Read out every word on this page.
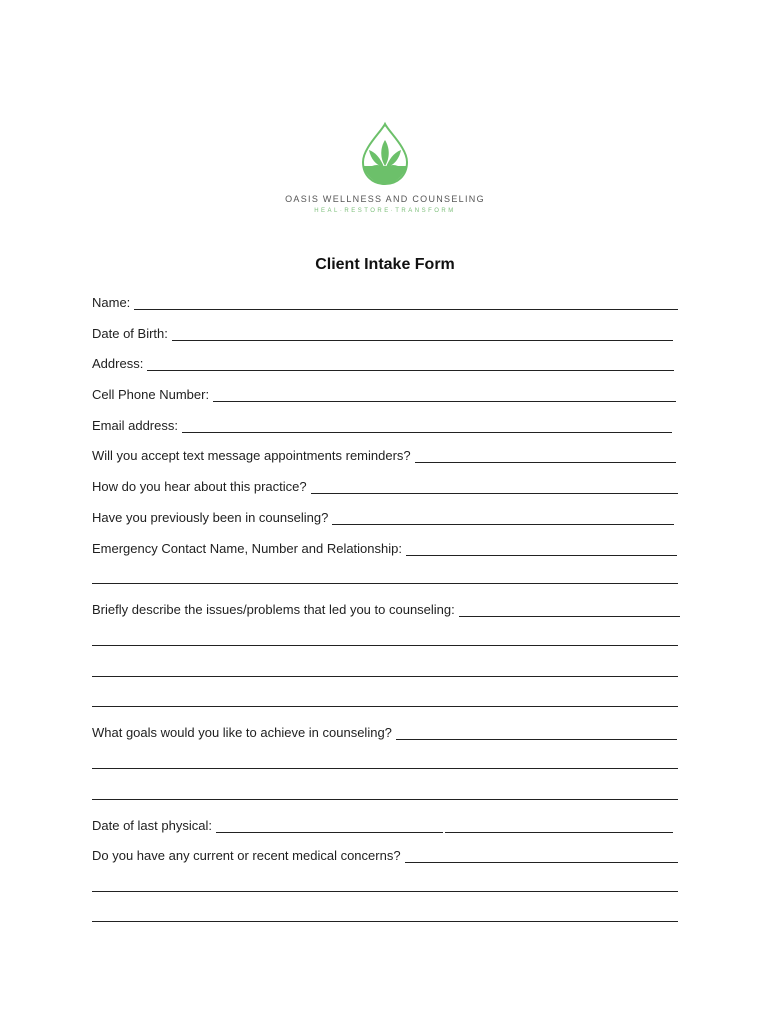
OASIS WELLNESS AND COUNSELING
HEAL·RESTORE·TRANSFORM
Client Intake Form
Name:
Date of Birth:
Address:
Cell Phone Number:
Email address:
Will you accept text message appointments reminders?
How do you hear about this practice?
Have you previously been in counseling?
Emergency Contact Name, Number and Relationship:
Briefly describe the issues/problems that led you to counseling:
What goals would you like to achieve in counseling?
Date of last physical:
Do you have any current or recent medical concerns?
